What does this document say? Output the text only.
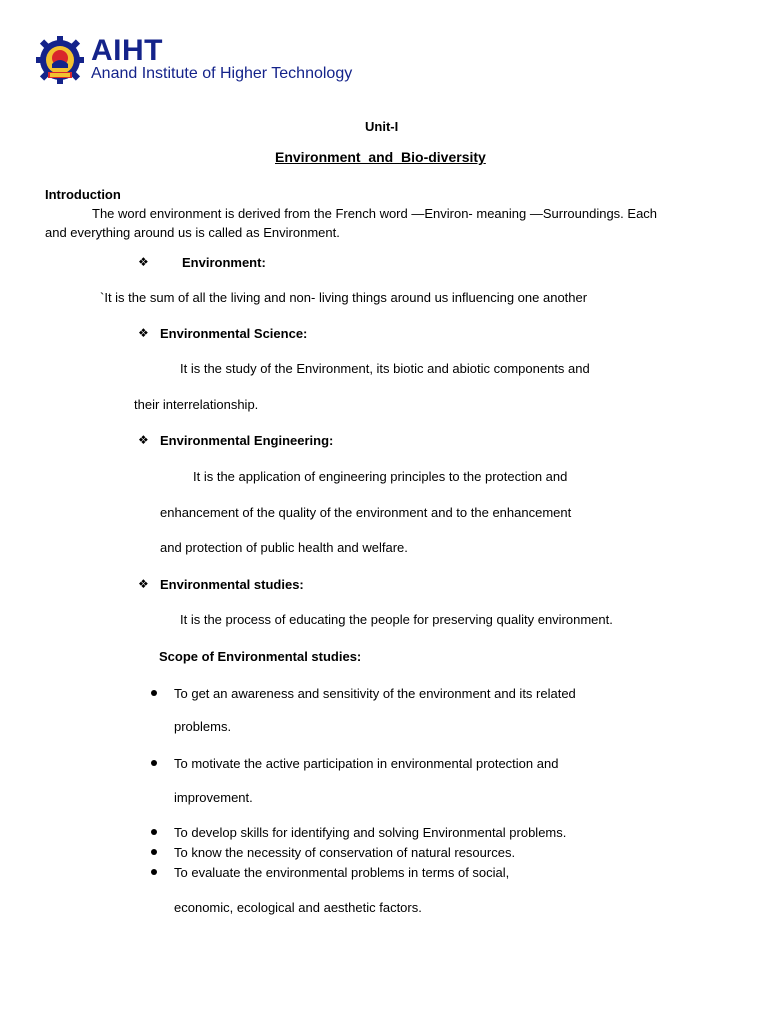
AIHT
Anand Institute of Higher Technology
Unit-I
Environment  and  Bio-diversity
Introduction
The word environment is derived from the French word —Environ- meaning —Surroundings. Each
and everything around us is called as Environment.
❖	Environment:
`It is the sum of all the living and non- living things around us influencing one another
❖ Environmental Science:
It is the study of the Environment, its biotic and abiotic components and
their interrelationship.
❖ Environmental Engineering:
It is the application of engineering principles to the protection and
enhancement of the quality of the environment and to the enhancement
and protection of public health and welfare.
❖ Environmental studies:
It is the process of educating the people for preserving quality environment.
Scope of Environmental studies:
To get an awareness and sensitivity of the environment and its related
problems.
To motivate the active participation in environmental protection and
improvement.
To develop skills for identifying and solving Environmental problems.
To know the necessity of conservation of natural resources.
To evaluate the environmental problems in terms of social,
economic, ecological and aesthetic factors.
